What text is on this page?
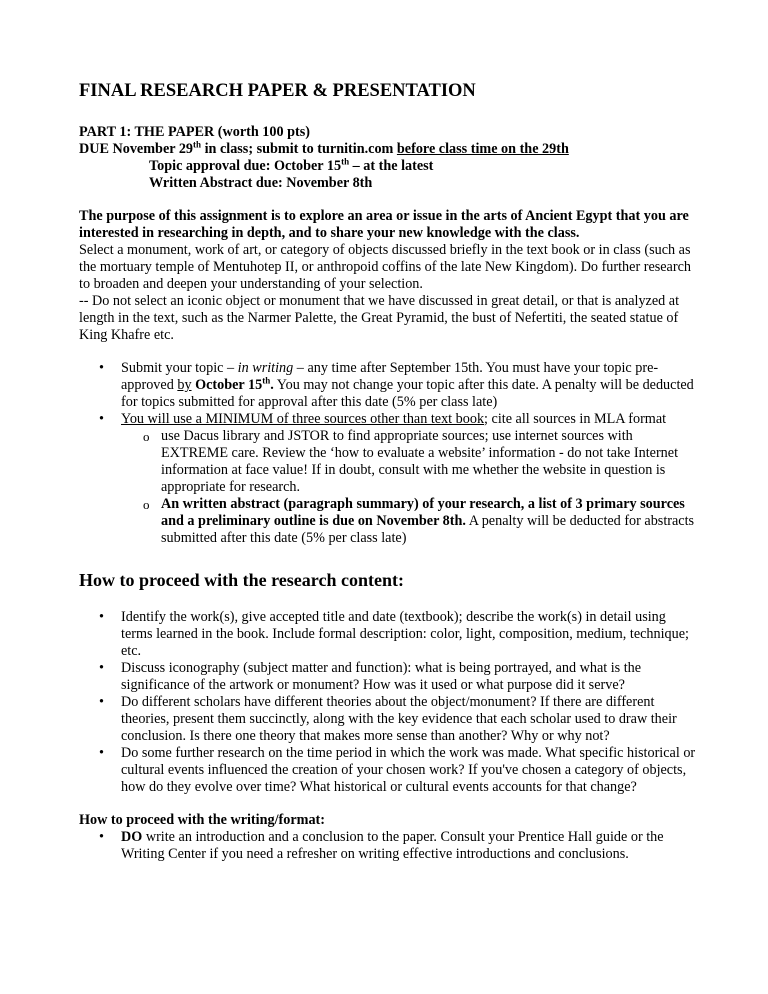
FINAL RESEARCH PAPER & PRESENTATION
PART 1: THE PAPER (worth 100 pts)
DUE November 29th in class; submit to turnitin.com before class time on the 29th
Topic approval due: October 15th – at the latest
Written Abstract due: November 8th
The purpose of this assignment is to explore an area or issue in the arts of Ancient Egypt that you are interested in researching in depth, and to share your new knowledge with the class.
Select a monument, work of art, or category of objects discussed briefly in the text book or in class (such as the mortuary temple of Mentuhotep II, or anthropoid coffins of the late New Kingdom). Do further research to broaden and deepen your understanding of your selection.
-- Do not select an iconic object or monument that we have discussed in great detail, or that is analyzed at length in the text, such as the Narmer Palette, the Great Pyramid, the bust of Nefertiti, the seated statue of King Khafre etc.
• Submit your topic – in writing – any time after September 15th. You must have your topic pre-approved by October 15th. You may not change your topic after this date. A penalty will be deducted for topics submitted for approval after this date (5% per class late)
• You will use a MINIMUM of three sources other than text book; cite all sources in MLA format
o use Dacus library and JSTOR to find appropriate sources; use internet sources with EXTREME care. Review the ‘how to evaluate a website’ information - do not take Internet information at face value! If in doubt, consult with me whether the website in question is appropriate for research.
o An written abstract (paragraph summary) of your research, a list of 3 primary sources and a preliminary outline is due on November 8th. A penalty will be deducted for abstracts submitted after this date (5% per class late)
How to proceed with the research content:
• Identify the work(s), give accepted title and date (textbook); describe the work(s) in detail using terms learned in the book. Include formal description: color, light, composition, medium, technique; etc.
• Discuss iconography (subject matter and function): what is being portrayed, and what is the significance of the artwork or monument? How was it used or what purpose did it serve?
• Do different scholars have different theories about the object/monument? If there are different theories, present them succinctly, along with the key evidence that each scholar used to draw their conclusion. Is there one theory that makes more sense than another? Why or why not?
• Do some further research on the time period in which the work was made. What specific historical or cultural events influenced the creation of your chosen work? If you've chosen a category of objects, how do they evolve over time? What historical or cultural events accounts for that change?
How to proceed with the writing/format:
• DO write an introduction and a conclusion to the paper. Consult your Prentice Hall guide or the Writing Center if you need a refresher on writing effective introductions and conclusions.
